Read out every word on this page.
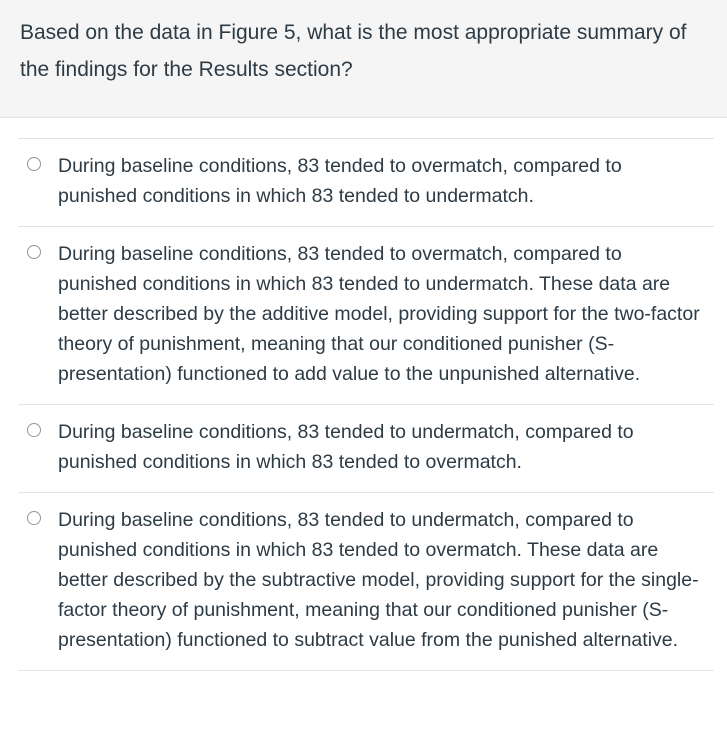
Based on the data in Figure 5, what is the most appropriate summary of the findings for the Results section?

During baseline conditions, 83 tended to overmatch, compared to punished conditions in which 83 tended to undermatch.
During baseline conditions, 83 tended to overmatch, compared to punished conditions in which 83 tended to undermatch. These data are better described by the additive model, providing support for the two-factor theory of punishment, meaning that our conditioned punisher (S- presentation) functioned to add value to the unpunished alternative.
During baseline conditions, 83 tended to undermatch, compared to punished conditions in which 83 tended to overmatch.
During baseline conditions, 83 tended to undermatch, compared to punished conditions in which 83 tended to overmatch. These data are better described by the subtractive model, providing support for the single-factor theory of punishment, meaning that our conditioned punisher (S- presentation) functioned to subtract value from the punished alternative.
